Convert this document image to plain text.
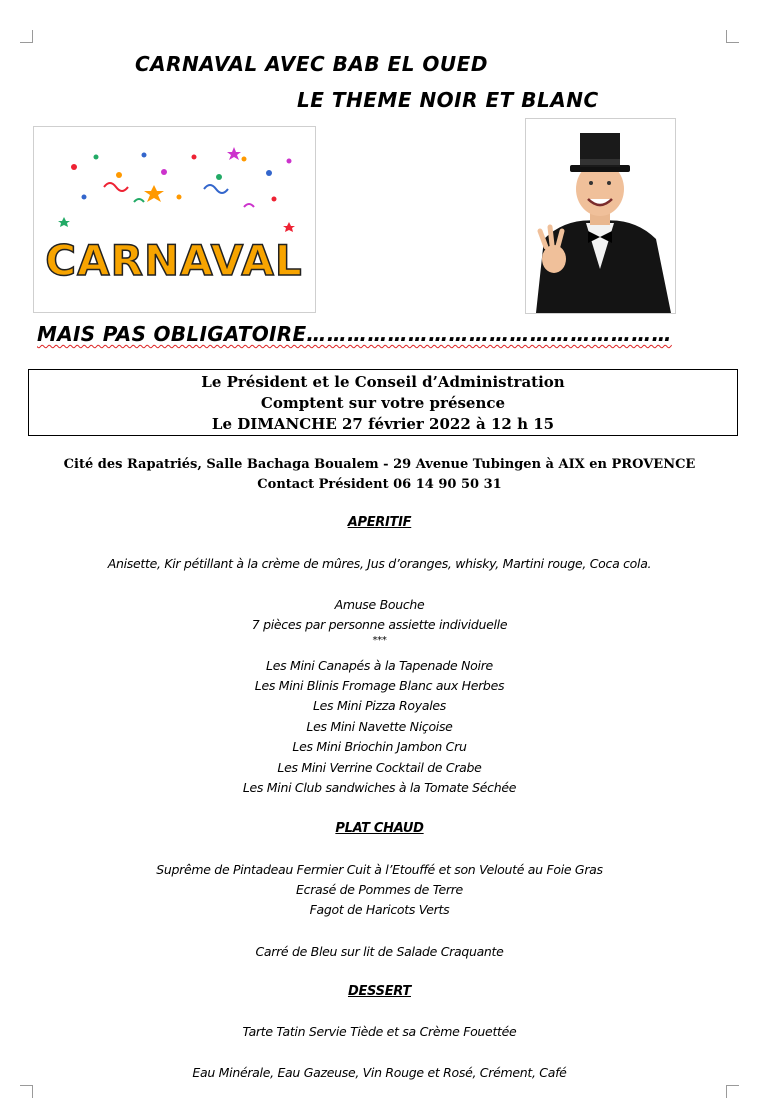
CARNAVAL AVEC BAB EL OUED
LE THEME NOIR ET BLANC
CARNAVAL
MAIS PAS OBLIGATOIRE………………………………………………
Le Président et le Conseil d’Administration
Comptent sur votre présence
Le DIMANCHE 27 février 2022 à 12 h 15
Cité des Rapatriés, Salle Bachaga Boualem - 29 Avenue Tubingen à AIX en PROVENCE
Contact Président 06 14 90 50 31
APERITIF
Anisette, Kir pétillant à la crème de mûres, Jus d’oranges, whisky, Martini rouge, Coca cola.
Amuse Bouche
7 pièces par personne assiette individuelle
***
Les Mini Canapés à la Tapenade Noire
Les Mini Blinis Fromage Blanc aux Herbes
Les Mini Pizza Royales
Les Mini Navette Niçoise
Les Mini Briochin Jambon Cru
Les Mini Verrine Cocktail de Crabe
Les Mini Club sandwiches à la Tomate Séchée
PLAT CHAUD
Suprême de Pintadeau Fermier Cuit à l’Etouffé et son Velouté au Foie Gras
Ecrasé de Pommes de Terre
Fagot de Haricots Verts
Carré de Bleu sur lit de Salade Craquante
DESSERT
Tarte Tatin Servie Tiède et sa Crème Fouettée
Eau Minérale, Eau Gazeuse, Vin Rouge et Rosé, Crément, Café
